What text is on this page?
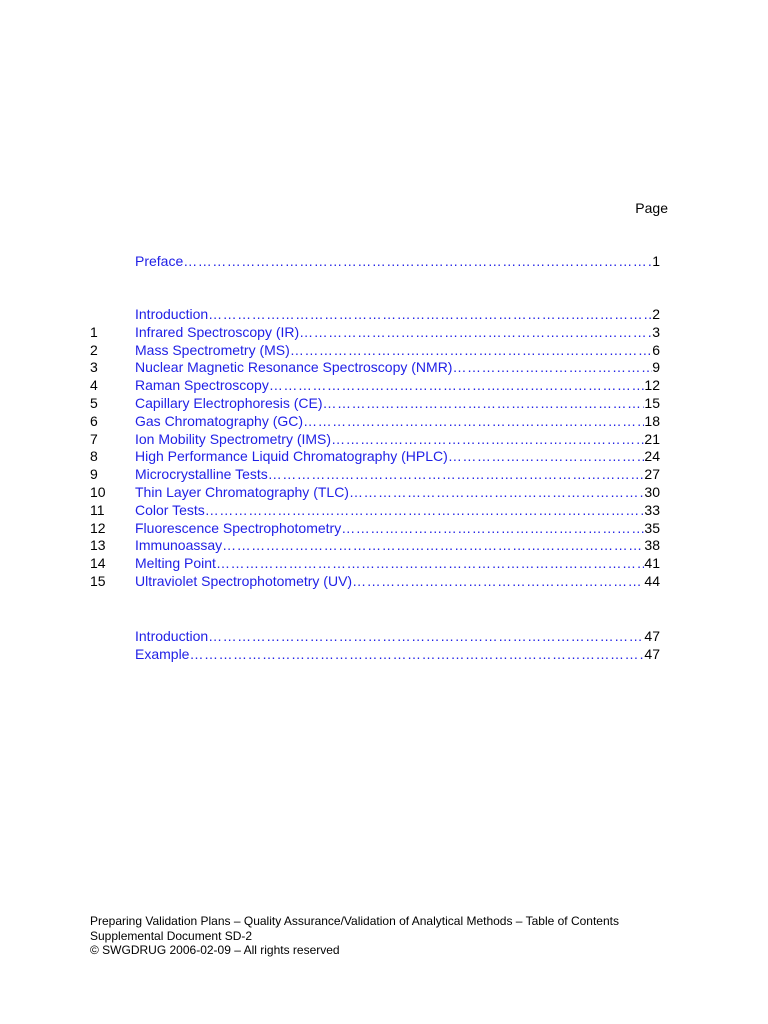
Page
Preface …………………………………………………………………………………………………………………………………………………………………………	1
Introduction …………………………………………………………………………………………………………………………………………………………………………	2
1	Infrared Spectroscopy (IR) …………………………………………………………………………………………………………………………………………………………………………	3
2	Mass Spectrometry (MS) …………………………………………………………………………………………………………………………………………………………………………	6
3	Nuclear Magnetic Resonance Spectroscopy (NMR) …………………………………………………………………………………………………………………………………………………………………………	9
4	Raman Spectroscopy …………………………………………………………………………………………………………………………………………………………………………	12
5	Capillary Electrophoresis (CE) …………………………………………………………………………………………………………………………………………………………………………	15
6	Gas Chromatography (GC) …………………………………………………………………………………………………………………………………………………………………………	18
7	Ion Mobility Spectrometry (IMS) …………………………………………………………………………………………………………………………………………………………………………	21
8	High Performance Liquid Chromatography (HPLC) …………………………………………………………………………………………………………………………………………………………………………	24
9	Microcrystalline Tests …………………………………………………………………………………………………………………………………………………………………………	27
10	Thin Layer Chromatography (TLC) …………………………………………………………………………………………………………………………………………………………………………	30
11	Color Tests …………………………………………………………………………………………………………………………………………………………………………	33
12	Fluorescence Spectrophotometry …………………………………………………………………………………………………………………………………………………………………………	35
13	Immunoassay …………………………………………………………………………………………………………………………………………………………………………	38
14	Melting Point …………………………………………………………………………………………………………………………………………………………………………	41
15	Ultraviolet Spectrophotometry (UV) …………………………………………………………………………………………………………………………………………………………………………	44
Introduction …………………………………………………………………………………………………………………………………………………………………………	47
Example …………………………………………………………………………………………………………………………………………………………………………	47
Preparing Validation Plans – Quality Assurance/Validation of Analytical Methods – Table of Contents
Supplemental Document SD-2
© SWGDRUG 2006-02-09 – All rights reserved
